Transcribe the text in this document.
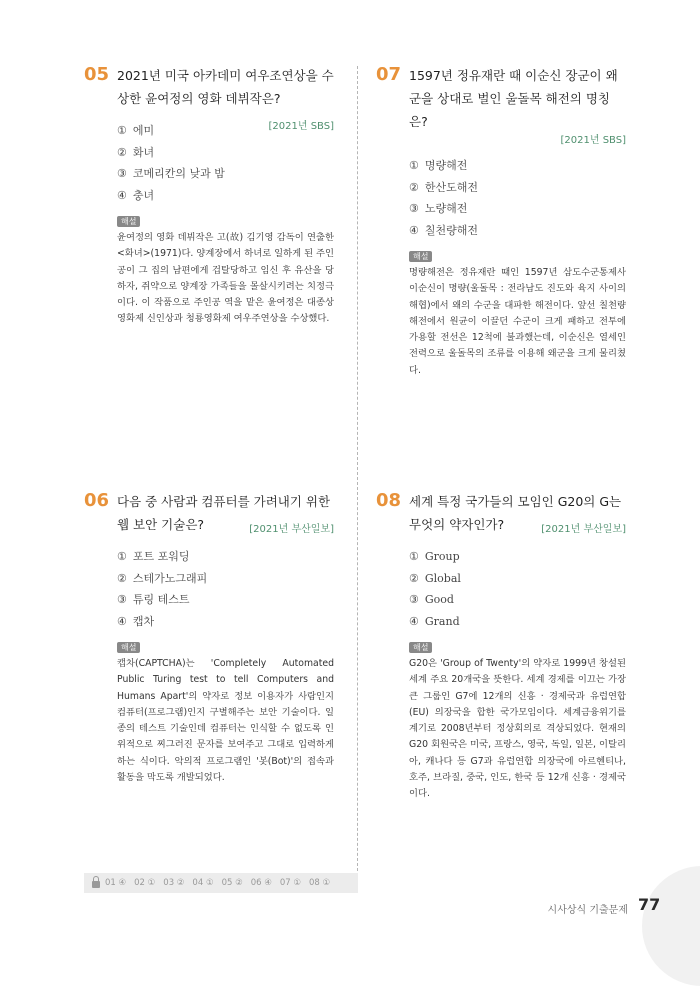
05 2021년 미국 아카데미 여우조연상을 수상한 윤여정의 영화 데뷔작은?
[2021년 SBS]
① 에미
② 화녀
③ 코메리칸의 낮과 밤
④ 충녀
해설
윤여정의 영화 데뷔작은 고(故) 김기영 감독이 연출한 <화녀>(1971)다. 양계장에서 하녀로 일하게 된 주인공이 그 집의 남편에게 겁탈당하고 임신 후 유산을 당하자, 쥐약으로 양계장 가족들을 몰살시키려는 치정극이다. 이 작품으로 주인공 역을 맡은 윤여정은 대종상영화제 신인상과 청룡영화제 여우주연상을 수상했다.
07 1597년 정유재란 때 이순신 장군이 왜군을 상대로 벌인 울돌목 해전의 명칭은?
[2021년 SBS]
① 명량해전
② 한산도해전
③ 노량해전
④ 칠천량해전
해설
명량해전은 정유재란 때인 1597년 삼도수군통제사 이순신이 명량(울돌목 : 전라남도 진도와 육지 사이의 해협)에서 왜의 수군을 대파한 해전이다. 앞선 칠천량해전에서 원균이 이끌던 수군이 크게 패하고 전투에 가용할 전선은 12척에 불과했는데, 이순신은 열세인 전력으로 울돌목의 조류를 이용해 왜군을 크게 물리쳤다.
06 다음 중 사람과 컴퓨터를 가려내기 위한 웹 보안 기술은?	[2021년 부산일보]
① 포트 포워딩
② 스테가노그래피
③ 튜링 테스트
④ 캡차
해설
캡차(CAPTCHA)는 'Completely Automated Public Turing test to tell Computers and Humans Apart'의 약자로 정보 이용자가 사람인지 컴퓨터(프로그램)인지 구별해주는 보안 기술이다. 일종의 테스트 기술인데 컴퓨터는 인식할 수 없도록 인위적으로 찌그러진 문자를 보여주고 그대로 입력하게 하는 식이다. 악의적 프로그램인 '봇(Bot)'의 접속과 활동을 막도록 개발되었다.
08 세계 특정 국가들의 모임인 G20의 G는 무엇의 약자인가?	[2021년 부산일보]
① Group
② Global
③ Good
④ Grand
해설
G20은 'Group of Twenty'의 약자로 1999년 창설된 세계 주요 20개국을 뜻한다. 세계 경제를 이끄는 가장 큰 그룹인 G7에 12개의 신흥 · 경제국과 유럽연합(EU) 의장국을 합한 국가모임이다. 세계금융위기를 계기로 2008년부터 정상회의로 격상되었다. 현재의 G20 회원국은 미국, 프랑스, 영국, 독일, 일본, 이탈리아, 캐나다 등 G7과 유럽연합 의장국에 아르헨티나, 호주, 브라질, 중국, 인도, 한국 등 12개 신흥 · 경제국이다.
01 ④ 02 ① 03 ② 04 ① 05 ② 06 ④ 07 ① 08 ①
시사상식 기출문제 77
